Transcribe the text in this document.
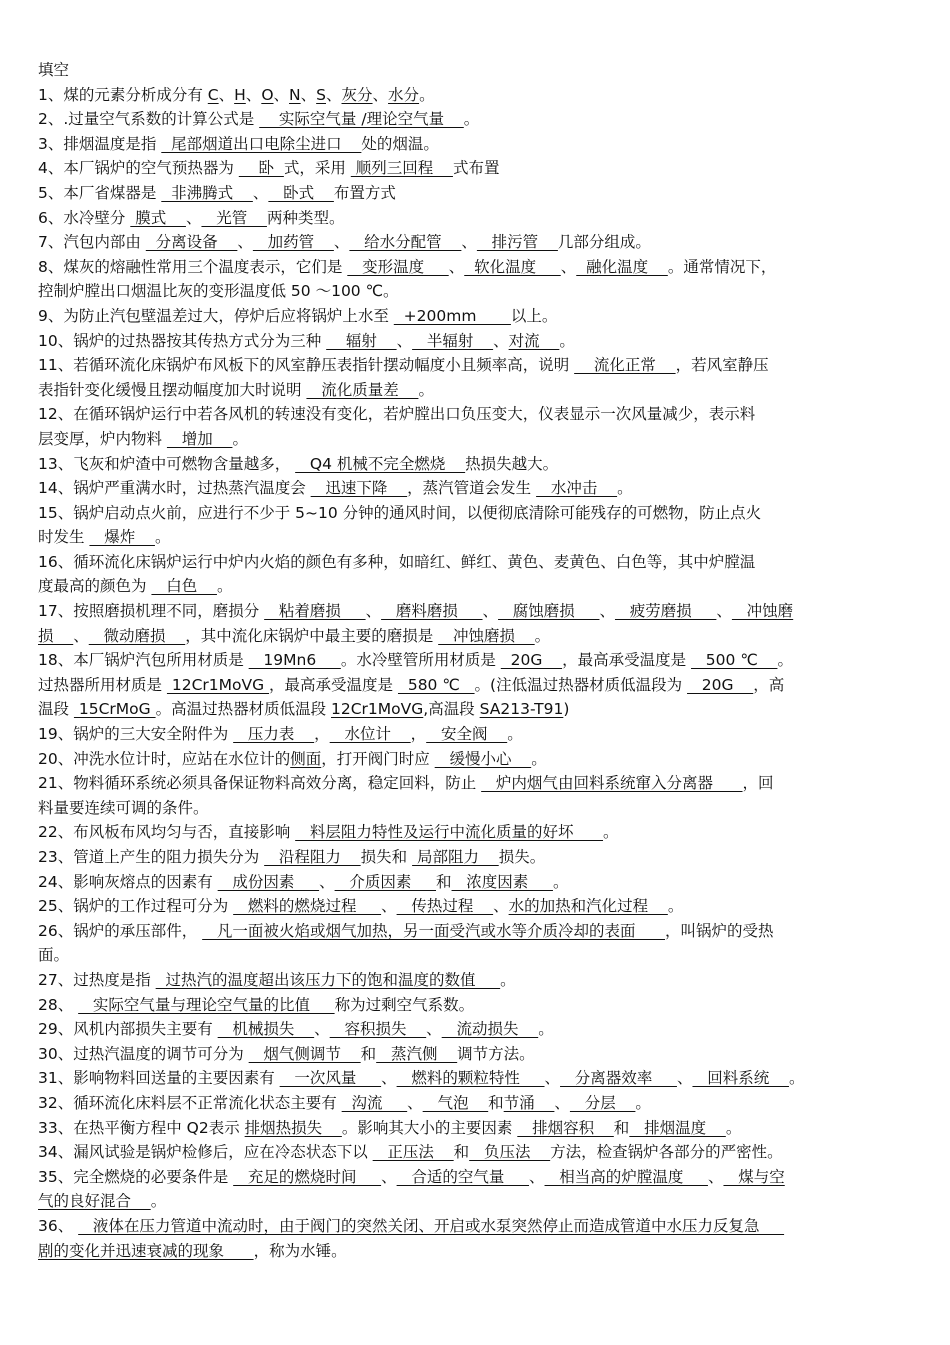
填空
1、煤的元素分析成分有 C、H、O、N、S、灰分、水分。
2、.过量空气系数的计算公式是     实际空气量 /理论空气量    。
3、排烟温度是指   尾部烟道出口电除尘进口    处的烟温。
4、本厂锅炉的空气预热器为     卧  式，采用  顺列三回程    式布置
5、本厂省煤器是   非沸腾式    、   卧式    布置方式
6、水冷壁分  膜式    、   光管    两种类型。
7、汽包内部由   分离设备    、   加药管    、   给水分配管    、   排污管    几部分组成。
8、煤灰的熔融性常用三个温度表示，它们是    变形温度     、  软化温度     、  融化温度    。通常情况下，
控制炉膛出口烟温比灰的变形温度低 50 ～100 ℃。
9、为防止汽包壁温差过大，停炉后应将锅炉上水至   +200mm       以上。
10、锅炉的过热器按其传热方式分为三种     辐射    、   半辐射    、对流    。
11、若循环流化床锅炉布风板下的风室静压表指针摆动幅度小且频率高，说明     流化正常    ，若风室静压
表指针变化缓慢且摆动幅度加大时说明    流化质量差    。
12、在循环锅炉运行中若各风机的转速没有变化，若炉膛出口负压变大，仪表显示一次风量减少，表示料
层变厚，炉内物料    增加    。
13、飞灰和炉渣中可燃物含量越多，    Q4 机械不完全燃烧    热损失越大。
14、锅炉严重满水时，过热蒸汽温度会    迅速下降    ，蒸汽管道会发生    水冲击    。
15、锅炉启动点火前，应进行不少于 5~10 分钟的通风时间，以便彻底清除可能残存的可燃物，防止点火
时发生    爆炸    。
16、循环流化床锅炉运行中炉内火焰的颜色有多种，如暗红、鲜红、黄色、麦黄色、白色等，其中炉膛温
度最高的颜色为    白色    。
17、按照磨损机理不同，磨损分    粘着磨损     、   磨料磨损     、   腐蚀磨损     、   疲劳磨损     、   冲蚀磨
损    、   微动磨损    ，其中流化床锅炉中最主要的磨损是    冲蚀磨损    。
18、本厂锅炉汽包所用材质是    19Mn6     。水冷壁管所用材质是   20G    ，最高承受温度是    500 ℃    。
过热器所用材质是  12Cr1MoVG ，最高承受温度是   580 ℃   。(注低温过热器材质低温段为    20G    ，高
温段  15CrMoG 。高温过热器材质低温段 12Cr1MoVG,高温段 SA213-T91)
19、锅炉的三大安全附件为    压力表    ，   水位计    ，   安全阀    。
20、冲洗水位计时，应站在水位计的侧面，打开阀门时应    缓慢小心    。
21、物料循环系统必须具备保证物料高效分离，稳定回料，防止    炉内烟气由回料系统窜入分离器      ，回
料量要连续可调的条件。
22、布风板布风均匀与否，直接影响    料层阻力特性及运行中流化质量的好坏      。
23、管道上产生的阻力损失分为    沿程阻力    损失和  局部阻力    损失。
24、影响灰熔点的因素有    成份因素     、   介质因素     和   浓度因素     。
25、锅炉的工作过程可分为    燃料的燃烧过程     、   传热过程    、水的加热和汽化过程    。
26、锅炉的承压部件，    凡一面被火焰或烟气加热，另一面受汽或水等介质冷却的表面      ，叫锅炉的受热
面。
27、过热度是指   过热汽的温度超出该压力下的饱和温度的数值     。
28、    实际空气量与理论空气量的比值     称为过剩空气系数。
29、风机内部损失主要有    机械损失    、   容积损失    、   流动损失    。
30、过热汽温度的调节可分为    烟气侧调节    和   蒸汽侧    调节方法。
31、影响物料回送量的主要因素有    一次风量     、   燃料的颗粒特性     、   分离器效率     、   回料系统    。
32、循环流化床料层不正常流化状态主要有   沟流     、   气泡    和节涌    、   分层    。
33、在热平衡方程中 Q2表示 排烟热损失    。影响其大小的主要因素    排烟容积    和   排烟温度    。
34、漏风试验是锅炉检修后，应在冷态状态下以    正压法    和   负压法    方法，检查锅炉各部分的严密性。
35、完全燃烧的必要条件是    充足的燃烧时间     、   合适的空气量     、   相当高的炉膛温度     、   煤与空
气的良好混合    。
36、    液体在压力管道中流动时，由于阀门的突然关闭、开启或水泵突然停止而造成管道中水压力反复急
剧的变化并迅速衰减的现象      ，称为水锤。
